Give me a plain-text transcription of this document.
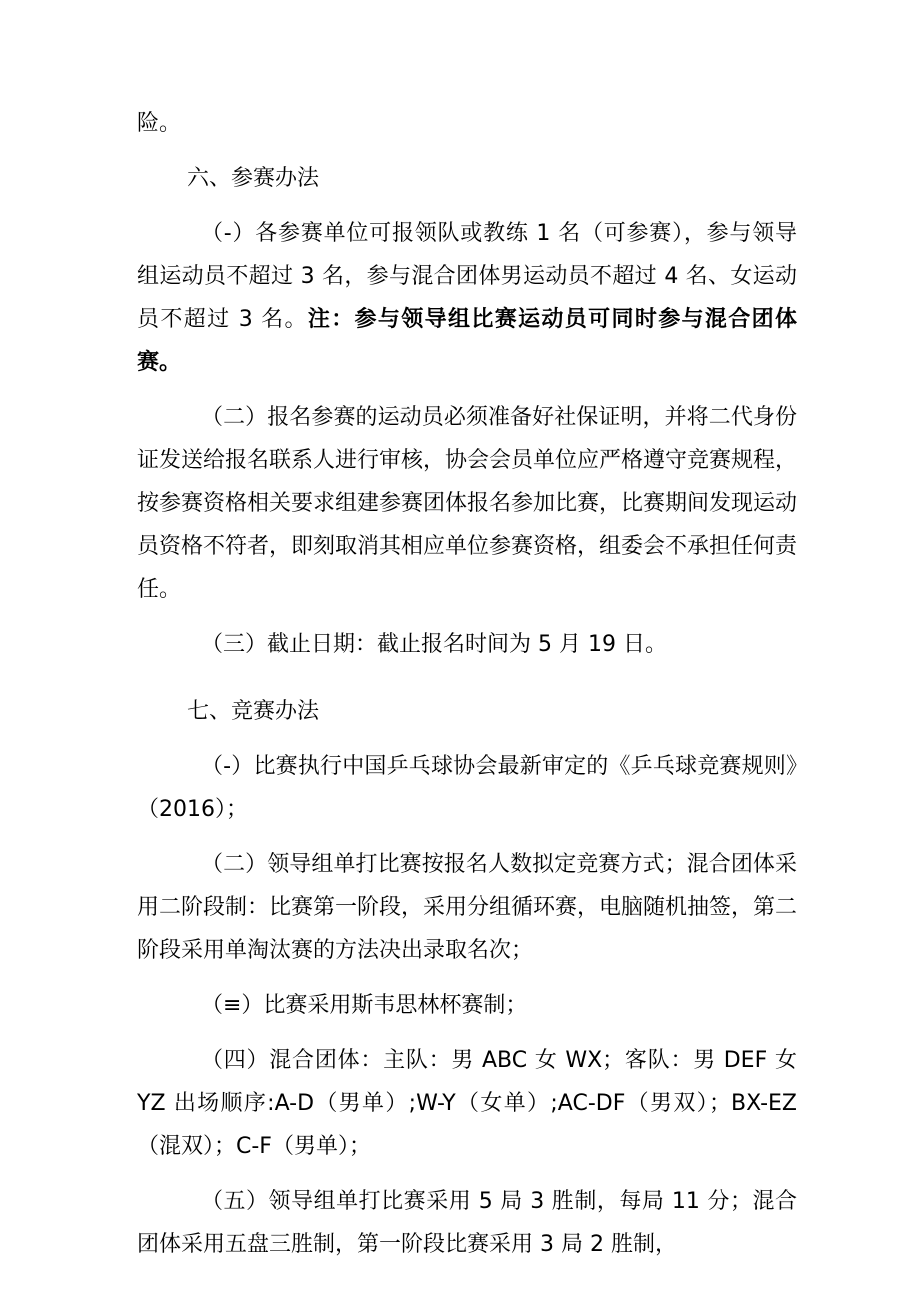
险。

六、参赛办法

（-）各参赛单位可报领队或教练 1 名（可参赛），参与领导组运动员不超过 3 名，参与混合团体男运动员不超过 4 名、女运动员不超过 3 名。注：参与领导组比赛运动员可同时参与混合团体赛。

（二）报名参赛的运动员必须准备好社保证明，并将二代身份证发送给报名联系人进行审核，协会会员单位应严格遵守竞赛规程，按参赛资格相关要求组建参赛团体报名参加比赛，比赛期间发现运动员资格不符者，即刻取消其相应单位参赛资格，组委会不承担任何责任。

（三）截止日期：截止报名时间为 5 月 19 日。

七、竞赛办法

（-）比赛执行中国乒乓球协会最新审定的《乒乓球竞赛规则》（2016）；

（二）领导组单打比赛按报名人数拟定竞赛方式；混合团体采用二阶段制：比赛第一阶段，采用分组循环赛，电脑随机抽签，第二阶段采用单淘汰赛的方法决出录取名次；

（≡）比赛采用斯韦思林杯赛制；

（四）混合团体：主队：男 ABC 女 WX；客队：男 DEF 女 YZ 出场顺序:A-D（男单）;W-Y（女单）;AC-DF（男双）；BX-EZ（混双）；C-F（男单）；

（五）领导组单打比赛采用 5 局 3 胜制，每局 11 分；混合团体采用五盘三胜制，第一阶段比赛采用 3 局 2 胜制，
